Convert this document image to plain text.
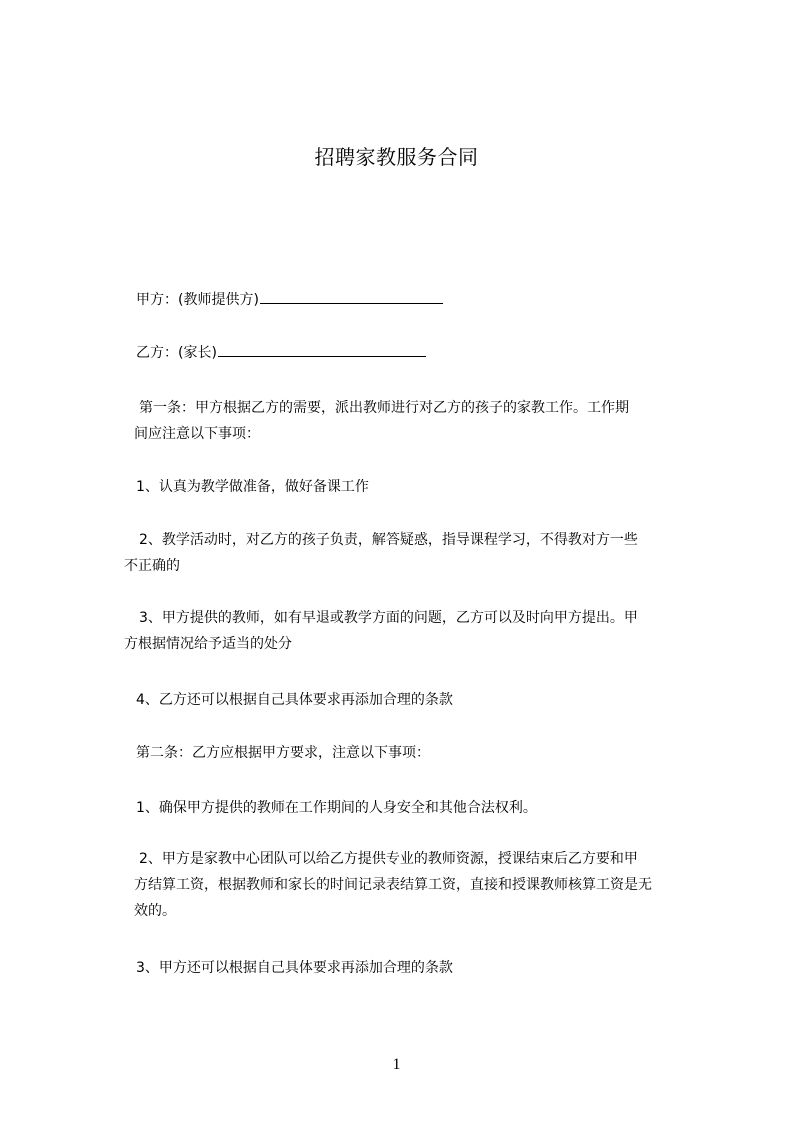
招聘家教服务合同
甲方：(教师提供方)
乙方：(家长)
第一条：甲方根据乙方的需要，派出教师进行对乙方的孩子的家教工作。工作期
间应注意以下事项：
1、认真为教学做准备，做好备课工作
2、教学活动时，对乙方的孩子负责，解答疑惑，指导课程学习，不得教对方一些
不正确的
3、甲方提供的教师，如有早退或教学方面的问题，乙方可以及时向甲方提出。甲
方根据情况给予适当的处分
4、乙方还可以根据自己具体要求再添加合理的条款
第二条：乙方应根据甲方要求，注意以下事项：
1、确保甲方提供的教师在工作期间的人身安全和其他合法权利。
2、甲方是家教中心团队可以给乙方提供专业的教师资源，授课结束后乙方要和甲
方结算工资，根据教师和家长的时间记录表结算工资，直接和授课教师核算工资是无
效的。
3、甲方还可以根据自己具体要求再添加合理的条款
1
